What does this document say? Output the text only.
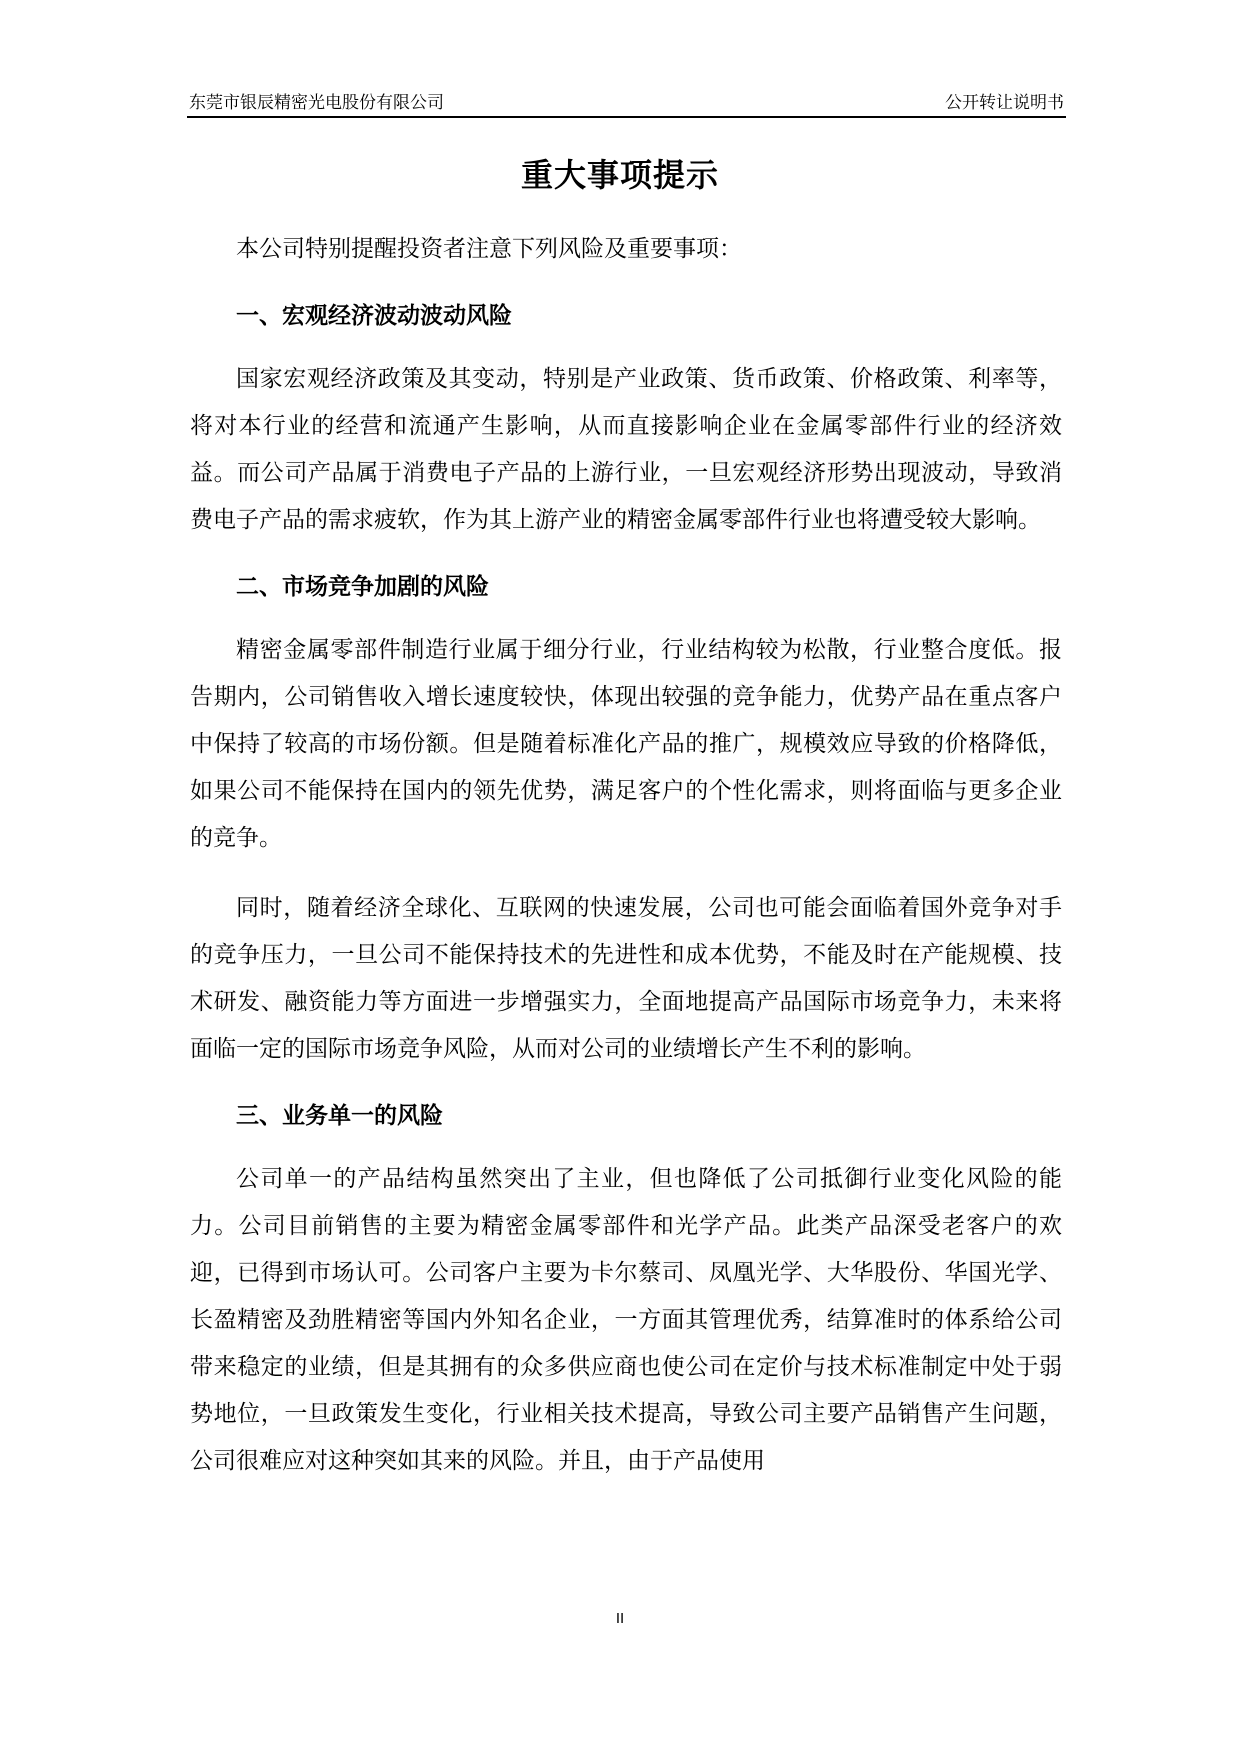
东莞市银辰精密光电股份有限公司	公开转让说明书
重大事项提示

本公司特别提醒投资者注意下列风险及重要事项：

一、宏观经济波动波动风险

国家宏观经济政策及其变动，特别是产业政策、货币政策、价格政策、利率等，将对本行业的经营和流通产生影响，从而直接影响企业在金属零部件行业的经济效益。而公司产品属于消费电子产品的上游行业，一旦宏观经济形势出现波动，导致消费电子产品的需求疲软，作为其上游产业的精密金属零部件行业也将遭受较大影响。

二、市场竞争加剧的风险

精密金属零部件制造行业属于细分行业，行业结构较为松散，行业整合度低。报告期内，公司销售收入增长速度较快，体现出较强的竞争能力，优势产品在重点客户中保持了较高的市场份额。但是随着标准化产品的推广，规模效应导致的价格降低，如果公司不能保持在国内的领先优势，满足客户的个性化需求，则将面临与更多企业的竞争。

同时，随着经济全球化、互联网的快速发展，公司也可能会面临着国外竞争对手的竞争压力，一旦公司不能保持技术的先进性和成本优势，不能及时在产能规模、技术研发、融资能力等方面进一步增强实力，全面地提高产品国际市场竞争力，未来将面临一定的国际市场竞争风险，从而对公司的业绩增长产生不利的影响。

三、业务单一的风险

公司单一的产品结构虽然突出了主业，但也降低了公司抵御行业变化风险的能力。公司目前销售的主要为精密金属零部件和光学产品。此类产品深受老客户的欢迎，已得到市场认可。公司客户主要为卡尔蔡司、凤凰光学、大华股份、华国光学、长盈精密及劲胜精密等国内外知名企业，一方面其管理优秀，结算准时的体系给公司带来稳定的业绩，但是其拥有的众多供应商也使公司在定价与技术标准制定中处于弱势地位，一旦政策发生变化，行业相关技术提高，导致公司主要产品销售产生问题，公司很难应对这种突如其来的风险。并且，由于产品使用

II
